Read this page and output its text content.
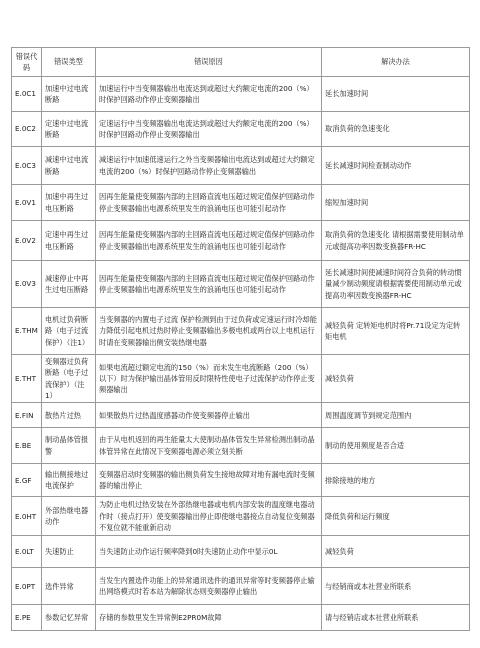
错误代码	错误类型	错误原因	解决办法
E.0C1	加速中过电流断路	加速运行中当变频器输出电流达到或超过大约额定电流的200（%）时保护回路动作停止变频器输出	延长加速时间
E.0C2	定速中过电流断路	定速运行中当变频器输出电流达到或超过大约额定电流的200（%）时保护回路动作停止变频器输出	取消负荷的急速变化
E.0C3	减速中过电流断路	减速运行中加速低速运行之外当变频器输出电流达到或超过大约额定电流的200（%）时保护回路动作停止变频器输出	延长减速时间检查制动动作
E.0V1	加速中再生过电压断路	因再生能量使变频器内部的主回路直流电压超过规定值保护回路动作停止变频器输出电源系统里发生的浪涌电压也可能引起动作	缩短加速时间
E.0V2	定速中再生过电压断路	因再生能量使变频器内部的主回路直流电压超过规定值保护回路动作停止变频器输出电源系统里发生的浪涌电压也可能引起动作	取消负荷的急速变化 请根据需要使用制动单元或提高功率因数变换器FR-HC
E.0V3	减速停止中再生过电压断路	因再生能量使变频器内部的主回路直流电压超过规定值保护回路动作停止变频器输出电源系统里发生的浪涌电压也可能引起动作	延长减速时间使减速时间符合负荷的转动惯量减少制动频度请根据需要使用制动单元或提高功率因数变换器FR-HC
E.THM	电机过负荷断路（电子过流保护）（注1）	当变频器的内置电子过流 保护检测到由于过负荷或定速运行时冷却能力降低引起电机过热时停止变频器输出多极电机或两台以上电机运行时请在变频器输出侧安装热继电器	减轻负荷 定转矩电机时将Pr.71设定为定转矩电机
E.THT	变频器过负荷断路（电子过流保护）（注1）	如果电流超过额定电流的150（%）而未发生电流断路（200（%）以下）时为保护输出晶体管用反时限特性使电子过流保护动作停止变频器输出	减轻负荷
E.FIN	散热片过热	如果散热片过热温度感器动作使变频器停止输出	周围温度调节到规定范围内
E.BE	制动晶体管报警	由于从电机返回的再生能量太大使制动晶体管发生异常检测出制动晶体管异常在此情况下变频器电源必须立刻关断	制动的使用频度是否合适
E.GF	输出侧接地过电流保护	变频器启动时变频器的输出侧负荷发生接地故障对地有漏电流时变频器的输出停止	排除接地的地方
E.0HT	外部热继电器动作	为防止电机过热安装在外部热继电器或电机内部安装的温度继电器动作时（接点打开）使变频器输出停止即使继电器接点自动复位变频器不复位就不能重新启动	降低负荷和运行频度
E.0LT	失速防止	当失速防止动作运行频率降到0时失速防止动作中显示0L	减轻负荷
E.0PT	选件异常	当发生内置选件功能上的异常通讯选件的通讯异常等时变频器停止输出网络模式时若本站为解除状态则变频器停止输出	与经销商或本社营业所联系
E.PE	参数记忆异常	存储的参数里发生异常例E2PR0M故障	请与经销店或本社营业所联系
